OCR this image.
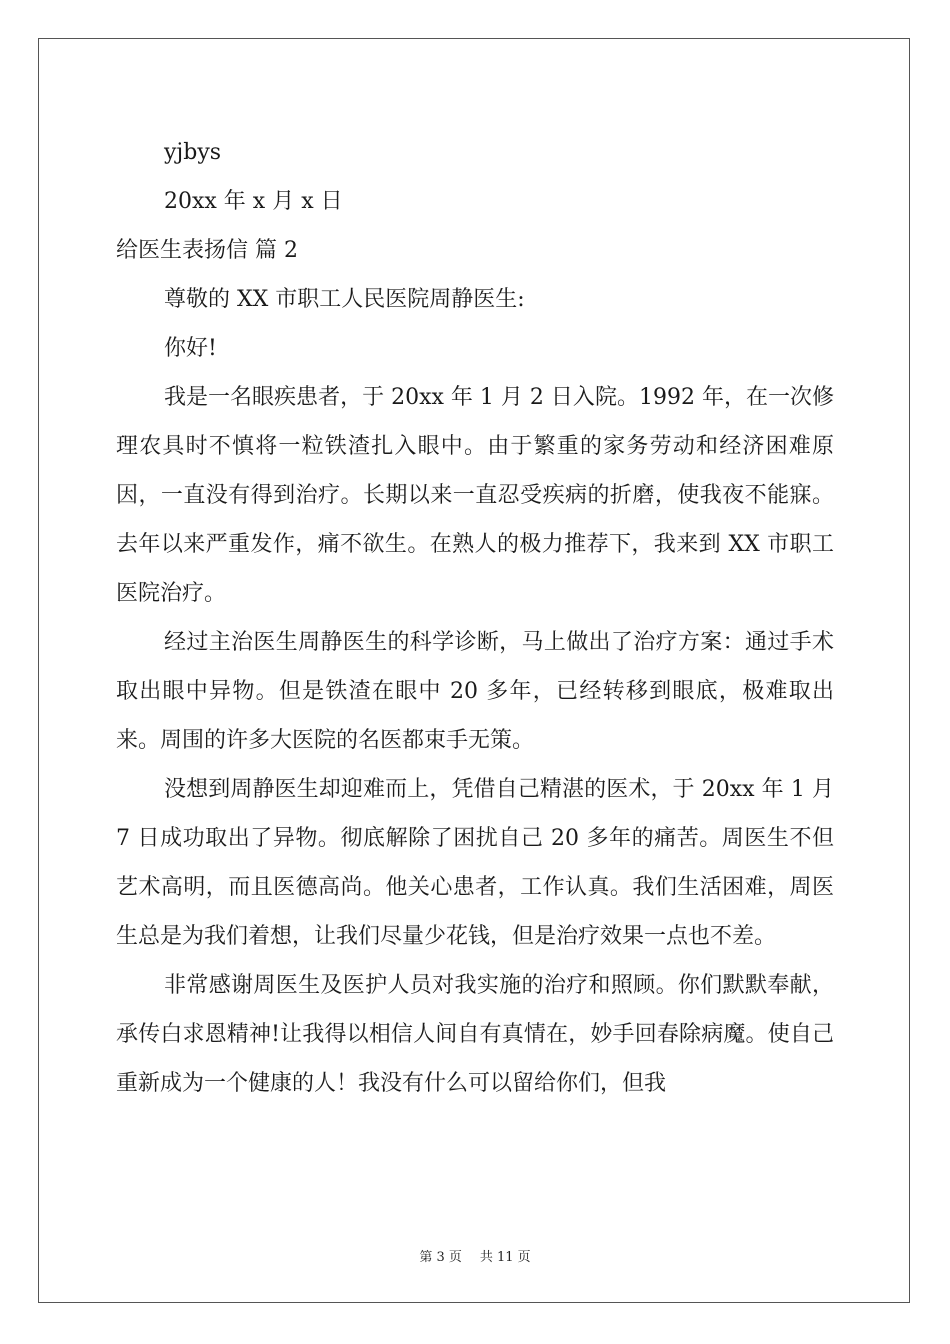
yjbys
20xx 年 x 月 x 日
给医生表扬信 篇 2
尊敬的 XX 市职工人民医院周静医生:
你好!
我是一名眼疾患者，于 20xx 年 1 月 2 日入院。1992 年，在一次修理农具时不慎将一粒铁渣扎入眼中。由于繁重的家务劳动和经济困难原因，一直没有得到治疗。长期以来一直忍受疾病的折磨，使我夜不能寐。去年以来严重发作，痛不欲生。在熟人的极力推荐下，我来到 XX 市职工医院治疗。
经过主治医生周静医生的科学诊断，马上做出了治疗方案：通过手术取出眼中异物。但是铁渣在眼中 20 多年，已经转移到眼底，极难取出来。周围的许多大医院的名医都束手无策。
没想到周静医生却迎难而上，凭借自己精湛的医术，于 20xx 年 1 月 7 日成功取出了异物。彻底解除了困扰自己 20 多年的痛苦。周医生不但艺术高明，而且医德高尚。他关心患者，工作认真。我们生活困难，周医生总是为我们着想，让我们尽量少花钱，但是治疗效果一点也不差。
非常感谢周医生及医护人员对我实施的治疗和照顾。你们默默奉献，承传白求恩精神!让我得以相信人间自有真情在，妙手回春除病魔。使自己重新成为一个健康的人！我没有什么可以留给你们，但我
第 3 页 共 11 页
